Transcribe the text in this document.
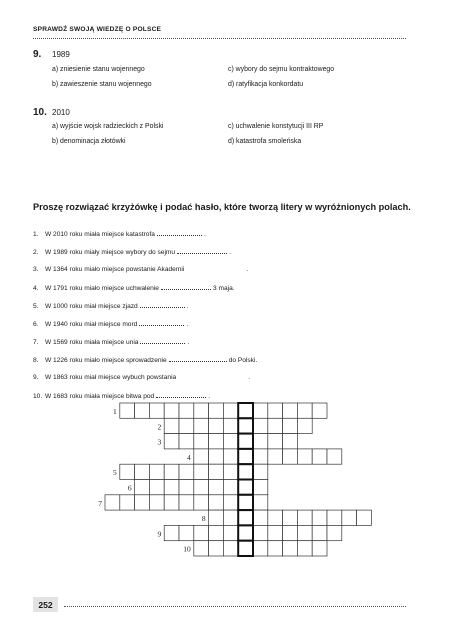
SPRAWDŹ SWOJĄ WIEDZĘ O POLSCE
9. 1989
a) zniesienie stanu wojennego	c) wybory do sejmu kontraktowego
b) zawieszenie stanu wojennego	d) ratyfikacja konkordatu
10. 2010
a) wyjście wojsk radzieckich z Polski	c) uchwalenie konstytucji III RP
b) denominacja złotówki	d) katastrofa smoleńska
Proszę rozwiązać krzyżówkę i podać hasło, które tworzą litery w wyróżnionych polach.
1. W 2010 roku miała miejsce katastrofa	.
2. W 1989 roku miały miejsce wybory do sejmu	.
3. W 1364 roku miało miejsce powstanie Akademii	.
4. W 1791 roku miało miejsce uchwalenie	3 maja.
5. W 1000 roku miał miejsce zjazd	.
6. W 1940 roku miał miejsce mord	.
7. W 1569 roku miała miejsce unia	.
8. W 1226 roku miało miejsce sprowadzenie	do Polski.
9. W 1863 roku miał miejsce wybuch powstania	.
10. W 1683 roku miała miejsce bitwa pod	.
1
2
3
4
5
6
7
8
9
10
252
